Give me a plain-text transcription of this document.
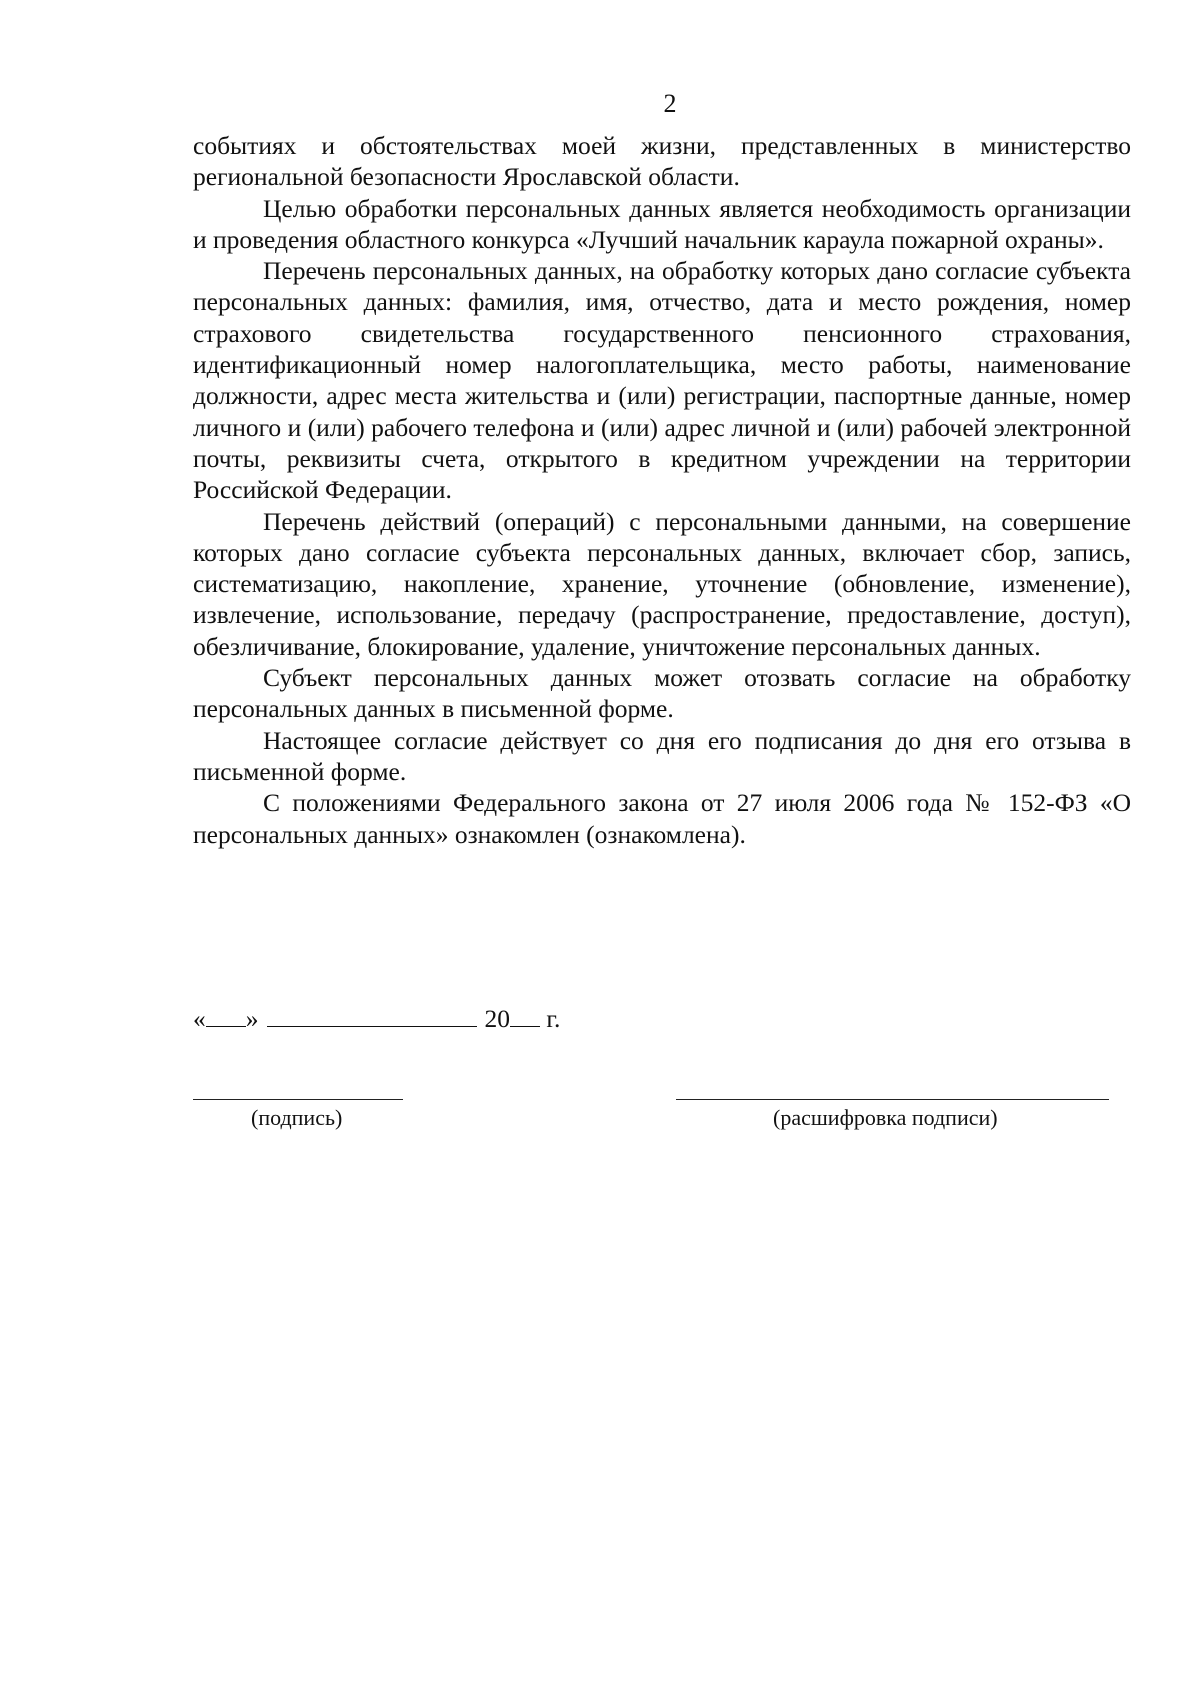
2

событиях и обстоятельствах моей жизни, представленных в министерство региональной безопасности Ярославской области.

Целью обработки персональных данных является необходимость организации и проведения областного конкурса «Лучший начальник караула пожарной охраны».

Перечень персональных данных, на обработку которых дано согласие субъекта персональных данных: фамилия, имя, отчество, дата и место рождения, номер страхового свидетельства государственного пенсионного страхования, идентификационный номер налогоплательщика, место работы, наименование должности, адрес места жительства и (или) регистрации, паспортные данные, номер личного и (или) рабочего телефона и (или) адрес личной и (или) рабочей электронной почты, реквизиты счета, открытого в кредитном учреждении на территории Российской Федерации.

Перечень действий (операций) с персональными данными, на совершение которых дано согласие субъекта персональных данных, включает сбор, запись, систематизацию, накопление, хранение, уточнение (обновление, изменение), извлечение, использование, передачу (распространение, предоставление, доступ), обезличивание, блокирование, удаление, уничтожение персональных данных.

Субъект персональных данных может отозвать согласие на обработку персональных данных в письменной форме.

Настоящее согласие действует со дня его подписания до дня его отзыва в письменной форме.

С положениями Федерального закона от 27 июля 2006 года № 152-ФЗ «О персональных данных» ознакомлен (ознакомлена).

« »	20 г.
(подпись)	(расшифровка подписи)
